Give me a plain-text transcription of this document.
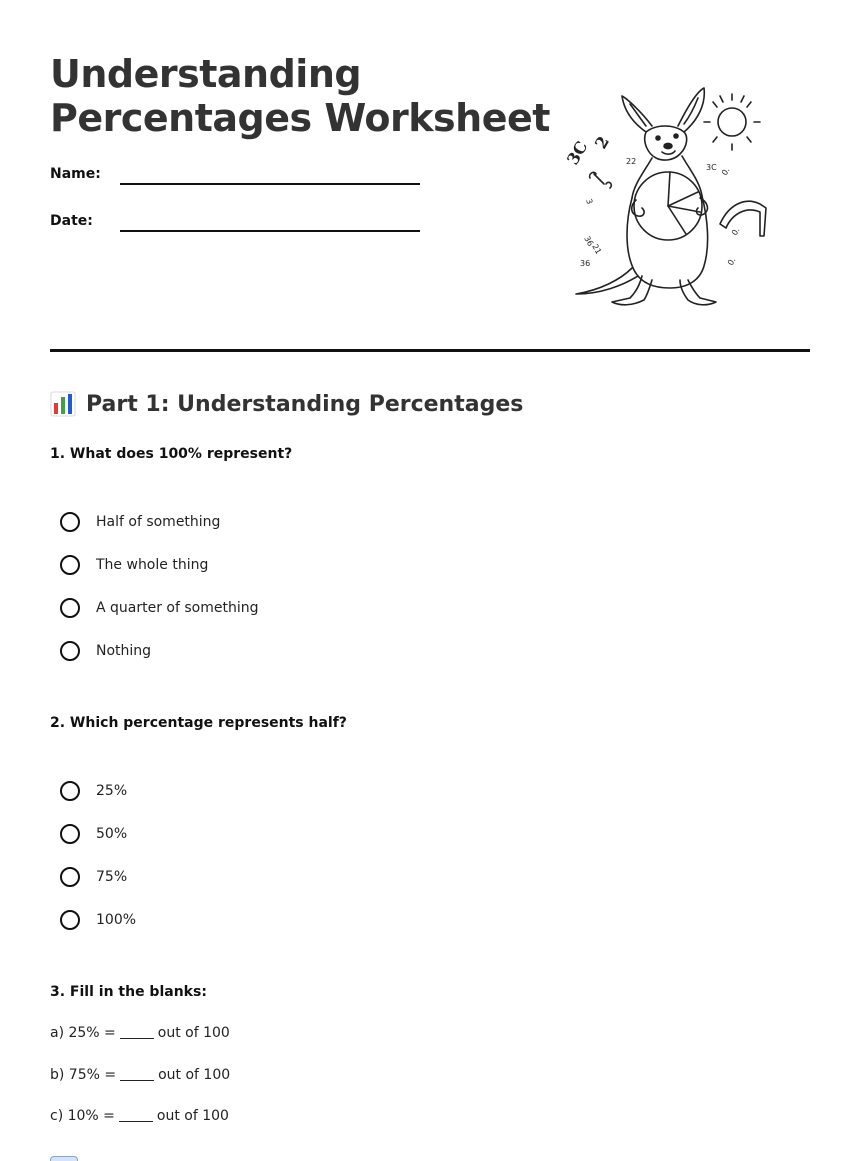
Understanding Percentages Worksheet
Name:
Date:
3C 2
22
3
36
21
36
3C 0.
0.
0.
Part 1: Understanding Percentages
1. What does 100% represent?
Half of something
The whole thing
A quarter of something
Nothing
2. Which percentage represents half?
25%
50%
75%
100%
3. Fill in the blanks:
a) 25% =	out of 100
b) 75% =	out of 100
c) 10% =	out of 100
